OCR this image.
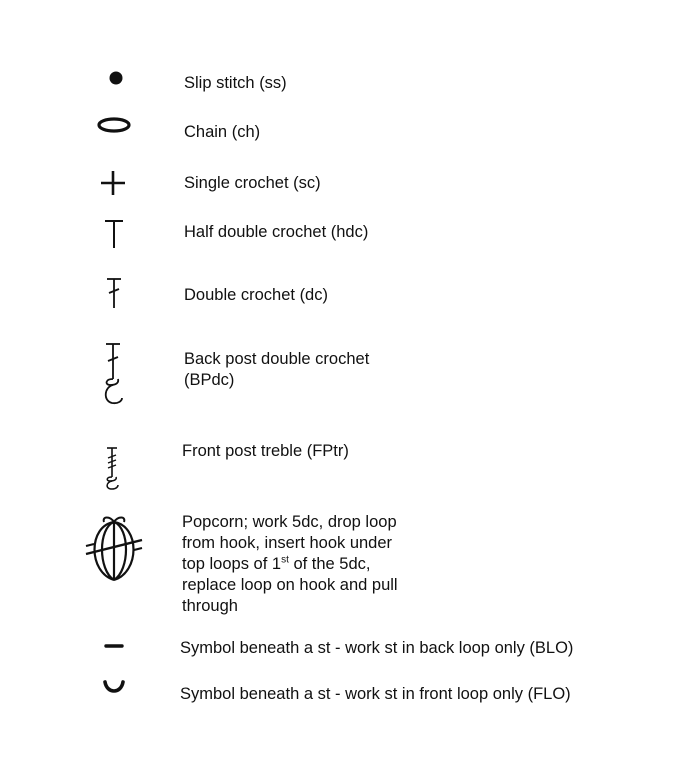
Slip stitch (ss)
Chain (ch)
Single crochet (sc)
Half double crochet (hdc)
Double crochet (dc)
Back post double crochet
(BPdc)
Front post treble (FPtr)
Popcorn; work 5dc, drop loop
from hook, insert hook under
top loops of 1st of the 5dc,
replace loop on hook and pull
through
Symbol beneath a st - work st in back loop only (BLO)
Symbol beneath a st - work st in front loop only (FLO)
